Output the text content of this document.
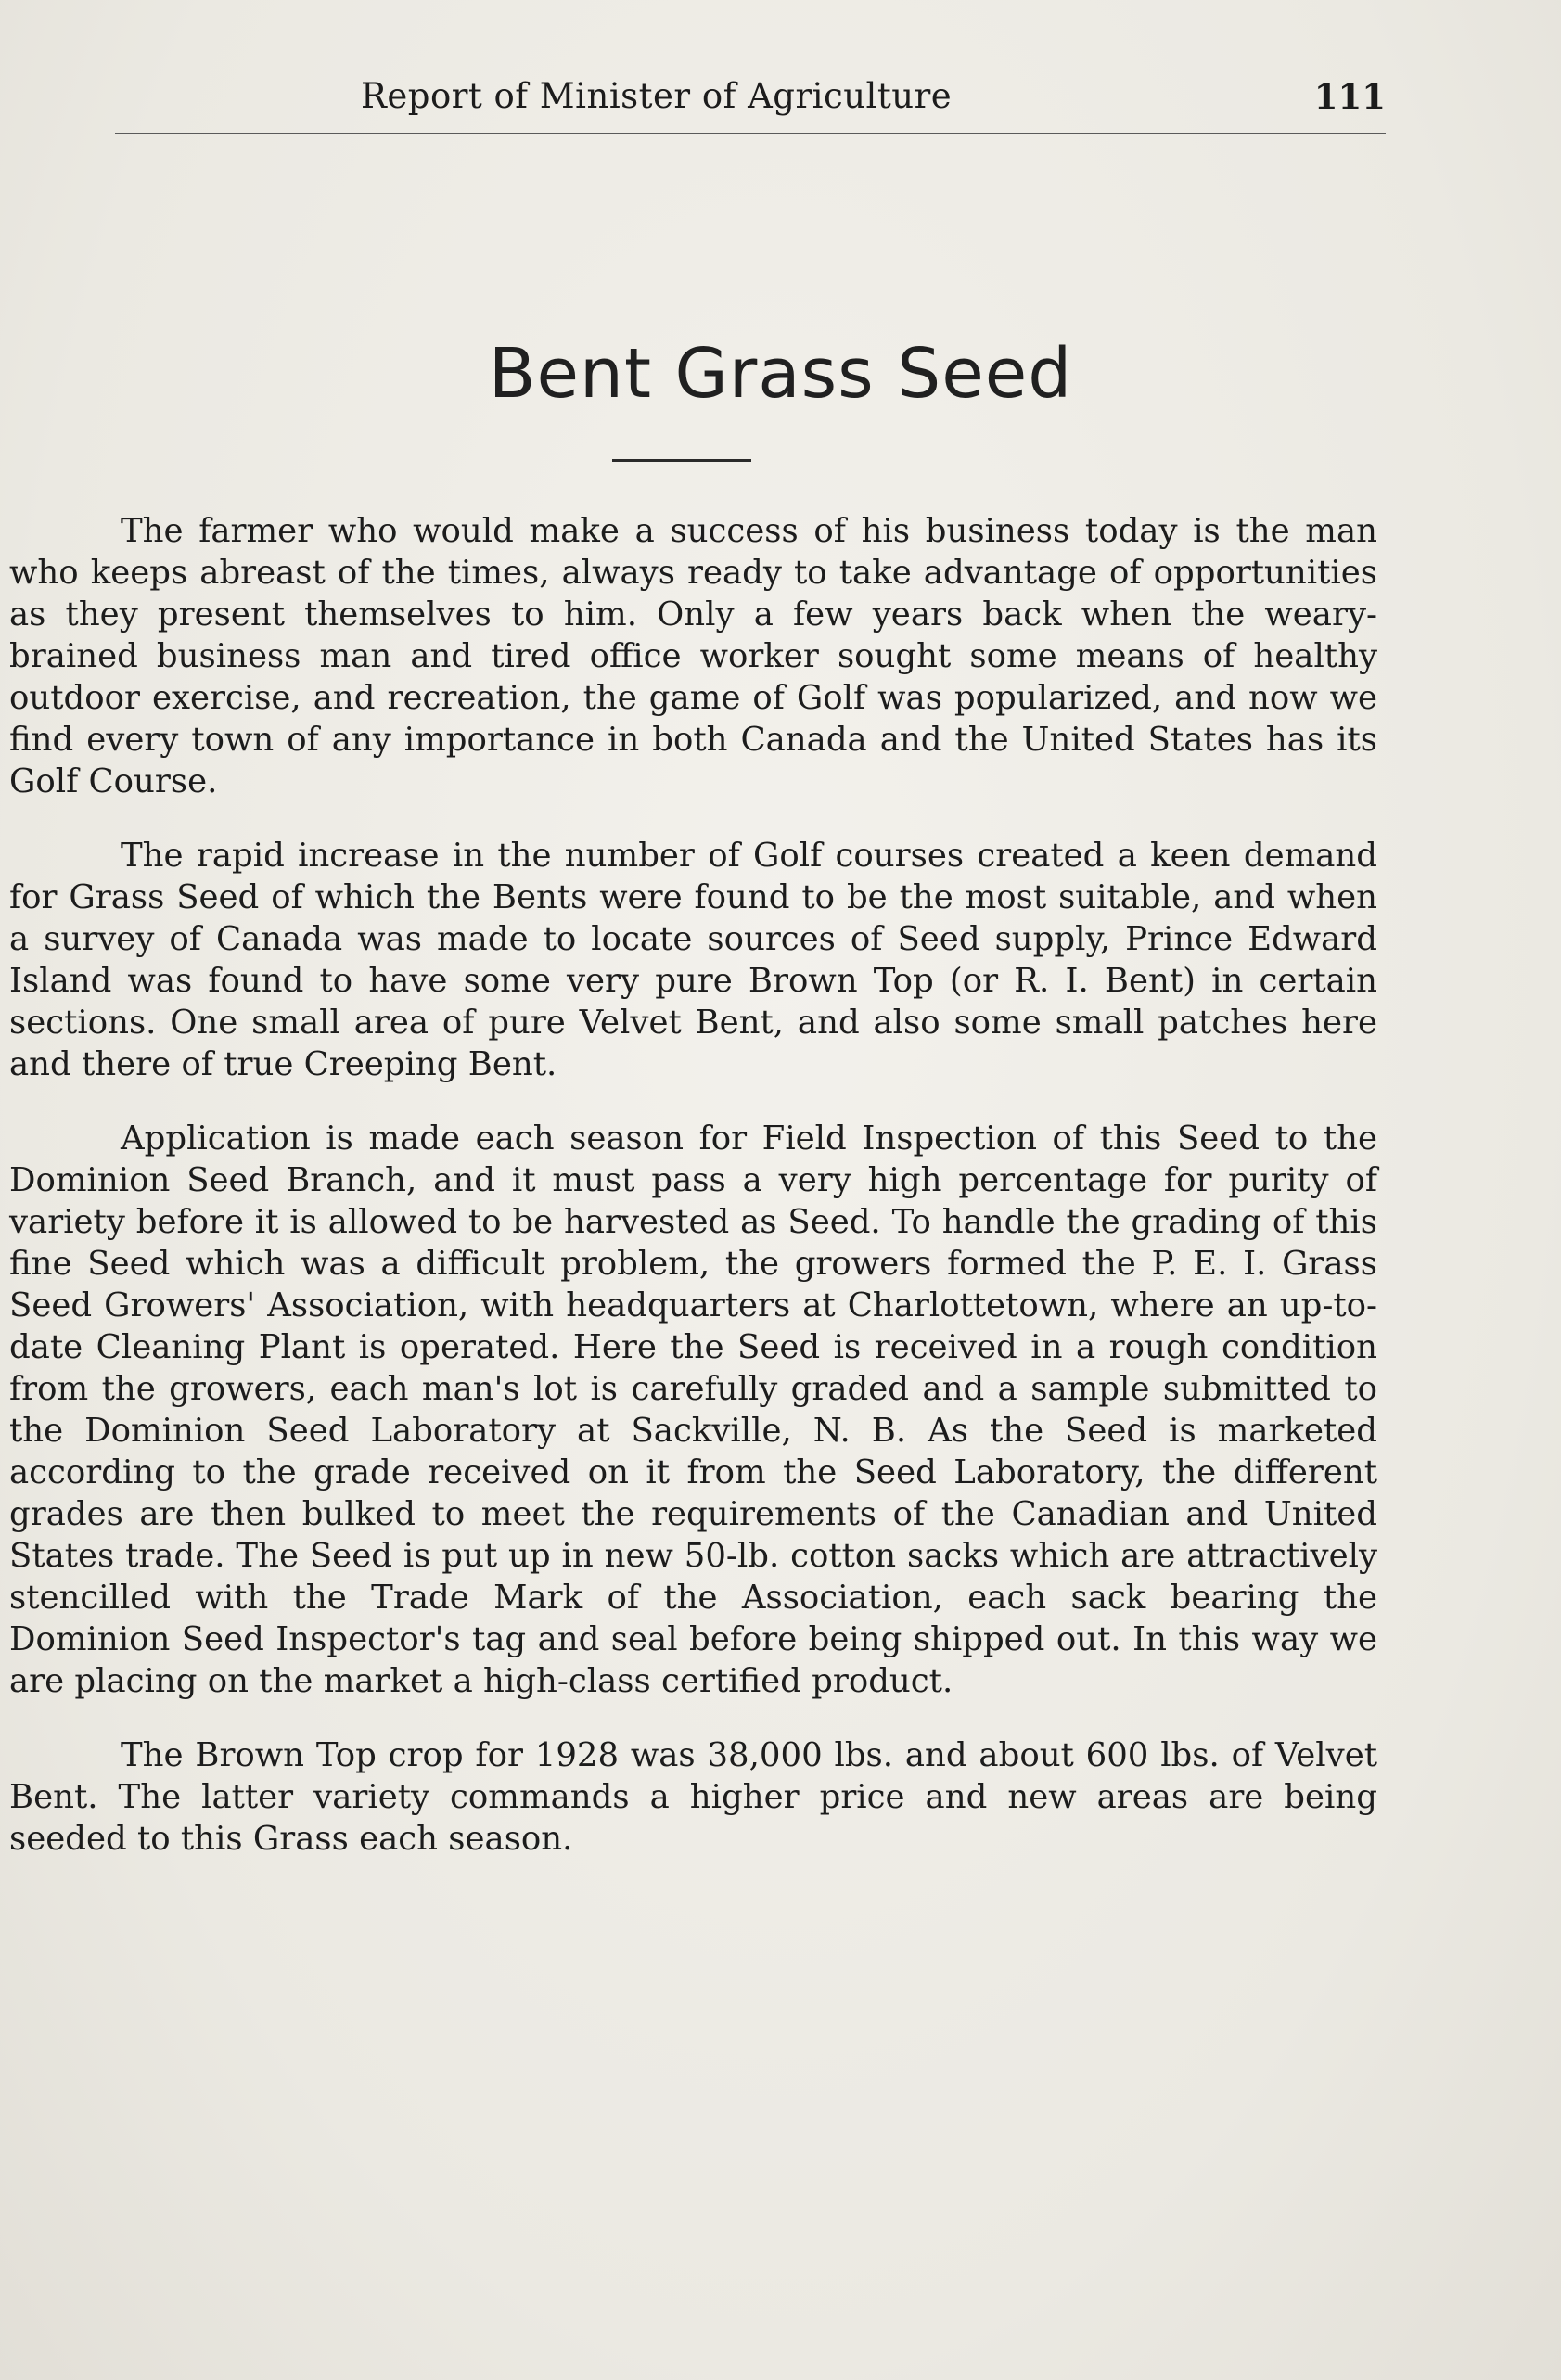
Report of Minister of Agriculture	111
Bent Grass Seed

The farmer who would make a success of his business today is the man who keeps abreast of the times, always ready to take advantage of opportunities as they present themselves to him. Only a few years back when the weary-brained business man and tired office worker sought some means of healthy outdoor exercise, and recreation, the game of Golf was popularized, and now we find every town of any importance in both Canada and the United States has its Golf Course.

The rapid increase in the number of Golf courses created a keen demand for Grass Seed of which the Bents were found to be the most suitable, and when a survey of Canada was made to locate sources of Seed supply, Prince Edward Island was found to have some very pure Brown Top (or R. I. Bent) in certain sections. One small area of pure Velvet Bent, and also some small patches here and there of true Creeping Bent.

Application is made each season for Field Inspection of this Seed to the Dominion Seed Branch, and it must pass a very high percentage for purity of variety before it is allowed to be harvested as Seed. To handle the grading of this fine Seed which was a difficult problem, the growers formed the P. E. I. Grass Seed Growers' Association, with headquarters at Charlottetown, where an up-to-date Cleaning Plant is operated. Here the Seed is received in a rough condition from the growers, each man's lot is carefully graded and a sample submitted to the Dominion Seed Laboratory at Sackville, N. B. As the Seed is marketed according to the grade received on it from the Seed Laboratory, the different grades are then bulked to meet the requirements of the Canadian and United States trade. The Seed is put up in new 50-lb. cotton sacks which are attractively stencilled with the Trade Mark of the Association, each sack bearing the Dominion Seed Inspector's tag and seal before being shipped out. In this way we are placing on the market a high-class certified product.

The Brown Top crop for 1928 was 38,000 lbs. and about 600 lbs. of Velvet Bent. The latter variety commands a higher price and new areas are being seeded to this Grass each season.
